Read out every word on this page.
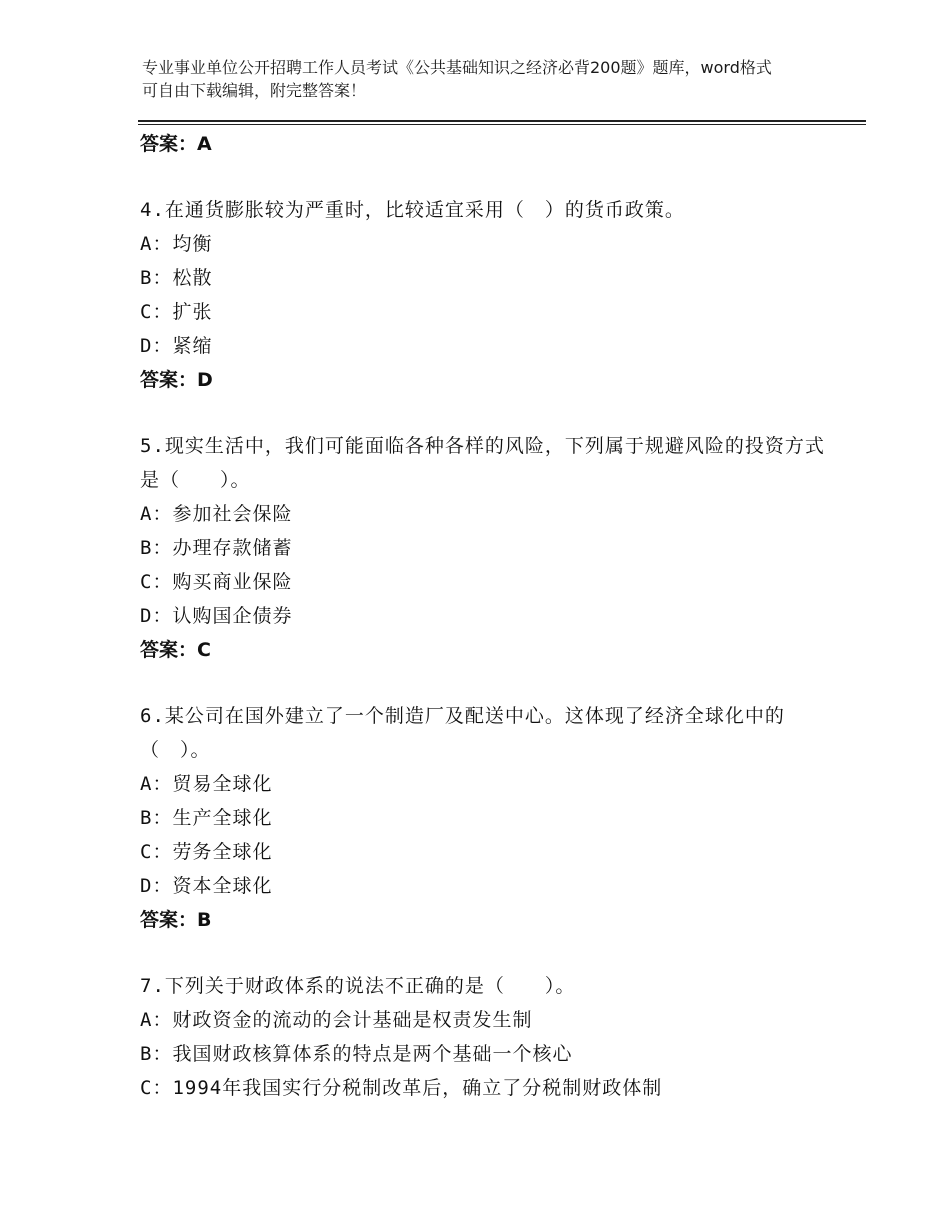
专业事业单位公开招聘工作人员考试《公共基础知识之经济必背200题》题库，word格式可自由下载编辑，附完整答案！
答案：A
4.在通货膨胀较为严重时，比较适宜采用（　）的货币政策。
A：均衡
B：松散
C：扩张
D：紧缩
答案：D
5.现实生活中，我们可能面临各种各样的风险，下列属于规避风险的投资方式是（　　）。
A：参加社会保险
B：办理存款储蓄
C：购买商业保险
D：认购国企债券
答案：C
6.某公司在国外建立了一个制造厂及配送中心。这体现了经济全球化中的（　）。
A：贸易全球化
B：生产全球化
C：劳务全球化
D：资本全球化
答案：B
7.下列关于财政体系的说法不正确的是（　　）。
A：财政资金的流动的会计基础是权责发生制
B：我国财政核算体系的特点是两个基础一个核心
C：1994年我国实行分税制改革后，确立了分税制财政体制
